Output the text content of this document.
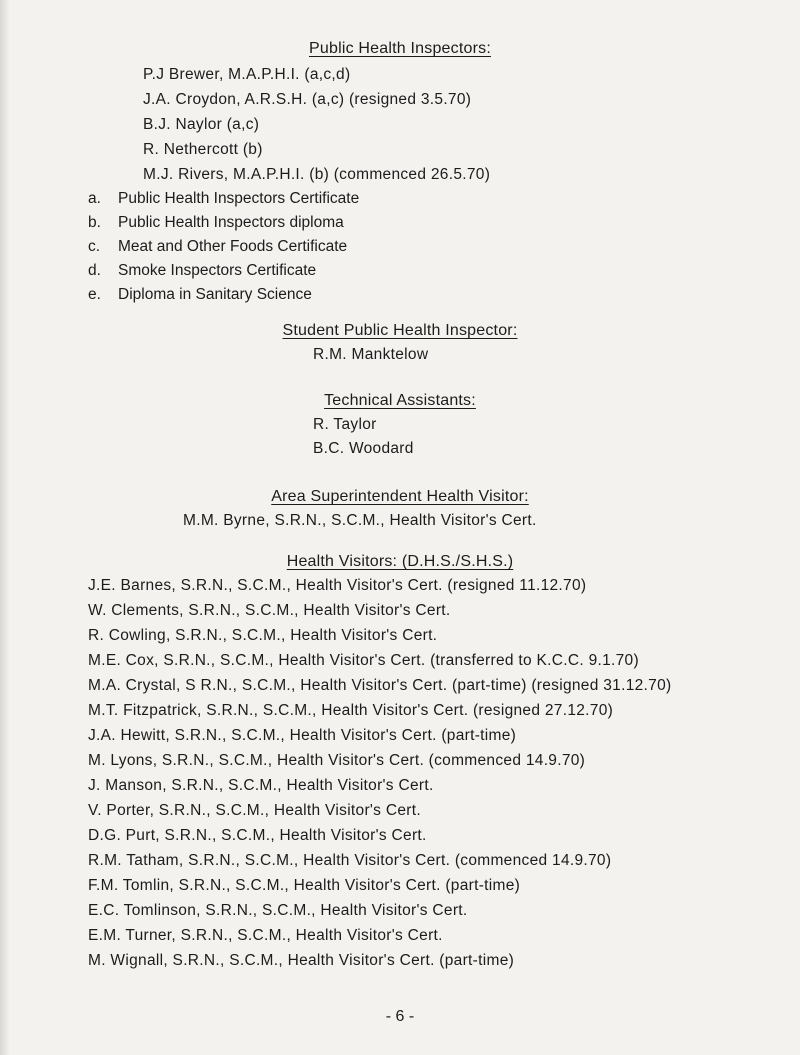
Public Health Inspectors:
P.J Brewer, M.A.P.H.I. (a,c,d)
J.A. Croydon, A.R.S.H. (a,c) (resigned 3.5.70)
B.J. Naylor (a,c)
R. Nethercott (b)
M.J. Rivers, M.A.P.H.I. (b) (commenced 26.5.70)
a. Public Health Inspectors Certificate
b. Public Health Inspectors diploma
c. Meat and Other Foods Certificate
d. Smoke Inspectors Certificate
e. Diploma in Sanitary Science
Student Public Health Inspector:
R.M. Manktelow
Technical Assistants:
R. Taylor
B.C. Woodard
Area Superintendent Health Visitor:
M.M. Byrne, S.R.N., S.C.M., Health Visitor's Cert.
Health Visitors: (D.H.S./S.H.S.)
J.E. Barnes, S.R.N., S.C.M., Health Visitor's Cert. (resigned 11.12.70)
W. Clements, S.R.N., S.C.M., Health Visitor's Cert.
R. Cowling, S.R.N., S.C.M., Health Visitor's Cert.
M.E. Cox, S.R.N., S.C.M., Health Visitor's Cert. (transferred to K.C.C. 9.1.70)
M.A. Crystal, S R.N., S.C.M., Health Visitor's Cert. (part-time) (resigned 31.12.70)
M.T. Fitzpatrick, S.R.N., S.C.M., Health Visitor's Cert. (resigned 27.12.70)
J.A. Hewitt, S.R.N., S.C.M., Health Visitor's Cert. (part-time)
M. Lyons, S.R.N., S.C.M., Health Visitor's Cert. (commenced 14.9.70)
J. Manson, S.R.N., S.C.M., Health Visitor's Cert.
V. Porter, S.R.N., S.C.M., Health Visitor's Cert.
D.G. Purt, S.R.N., S.C.M., Health Visitor's Cert.
R.M. Tatham, S.R.N., S.C.M., Health Visitor's Cert. (commenced 14.9.70)
F.M. Tomlin, S.R.N., S.C.M., Health Visitor's Cert. (part-time)
E.C. Tomlinson, S.R.N., S.C.M., Health Visitor's Cert.
E.M. Turner, S.R.N., S.C.M., Health Visitor's Cert.
M. Wignall, S.R.N., S.C.M., Health Visitor's Cert. (part-time)
- 6 -
